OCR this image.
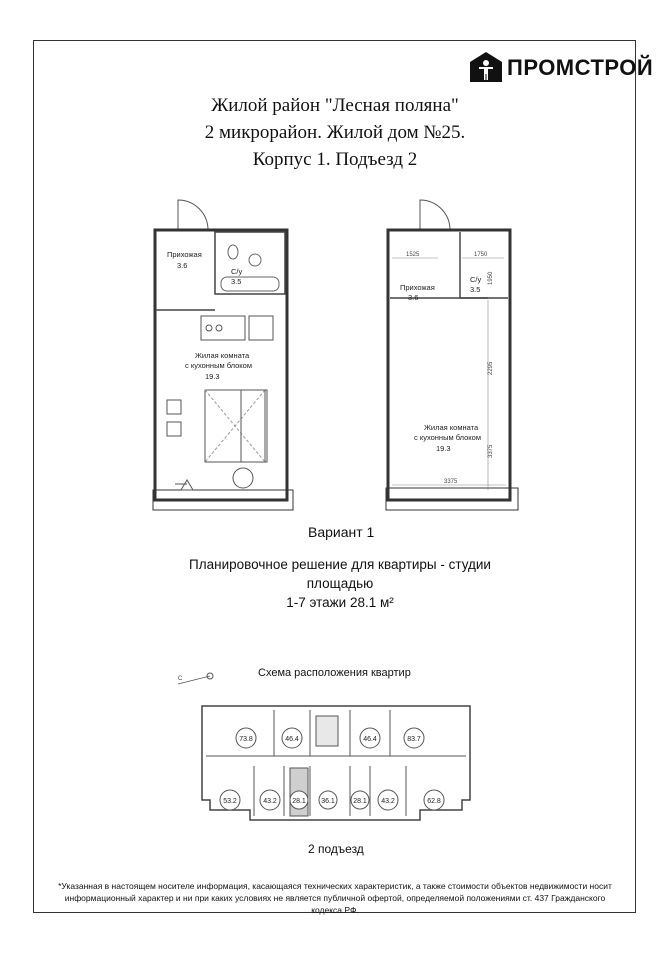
ПРОМСТРОЙ
Жилой район "Лесная поляна"
2 микрорайон. Жилой дом №25.
Корпус 1. Подъезд 2
Прихожая
3.6
С/у
3.5
Жилая комната
с кухонным блоком
19.3
1525	1750
1950
2295
3375
3375
Прихожая
3.6
С/у
3.5
Жилая комната
с кухонным блоком
19.3
Вариант 1
Планировочное решение для квартиры - студии
площадью
1-7 этажи 28.1 м²
Схема расположения квартир
С
73.8	46.4	46.4	83.7
53.2	43.2 28.1 36.1	28.1 43.2	62.8
2 подъезд
*Указанная в настоящем носителе информация, касающаяся технических характеристик, а также стоимости объектов недвижимости носит
информационный характер и ни при каких условиях не является публичной офертой, определяемой положениями ст. 437 Гражданского кодекса РФ.
